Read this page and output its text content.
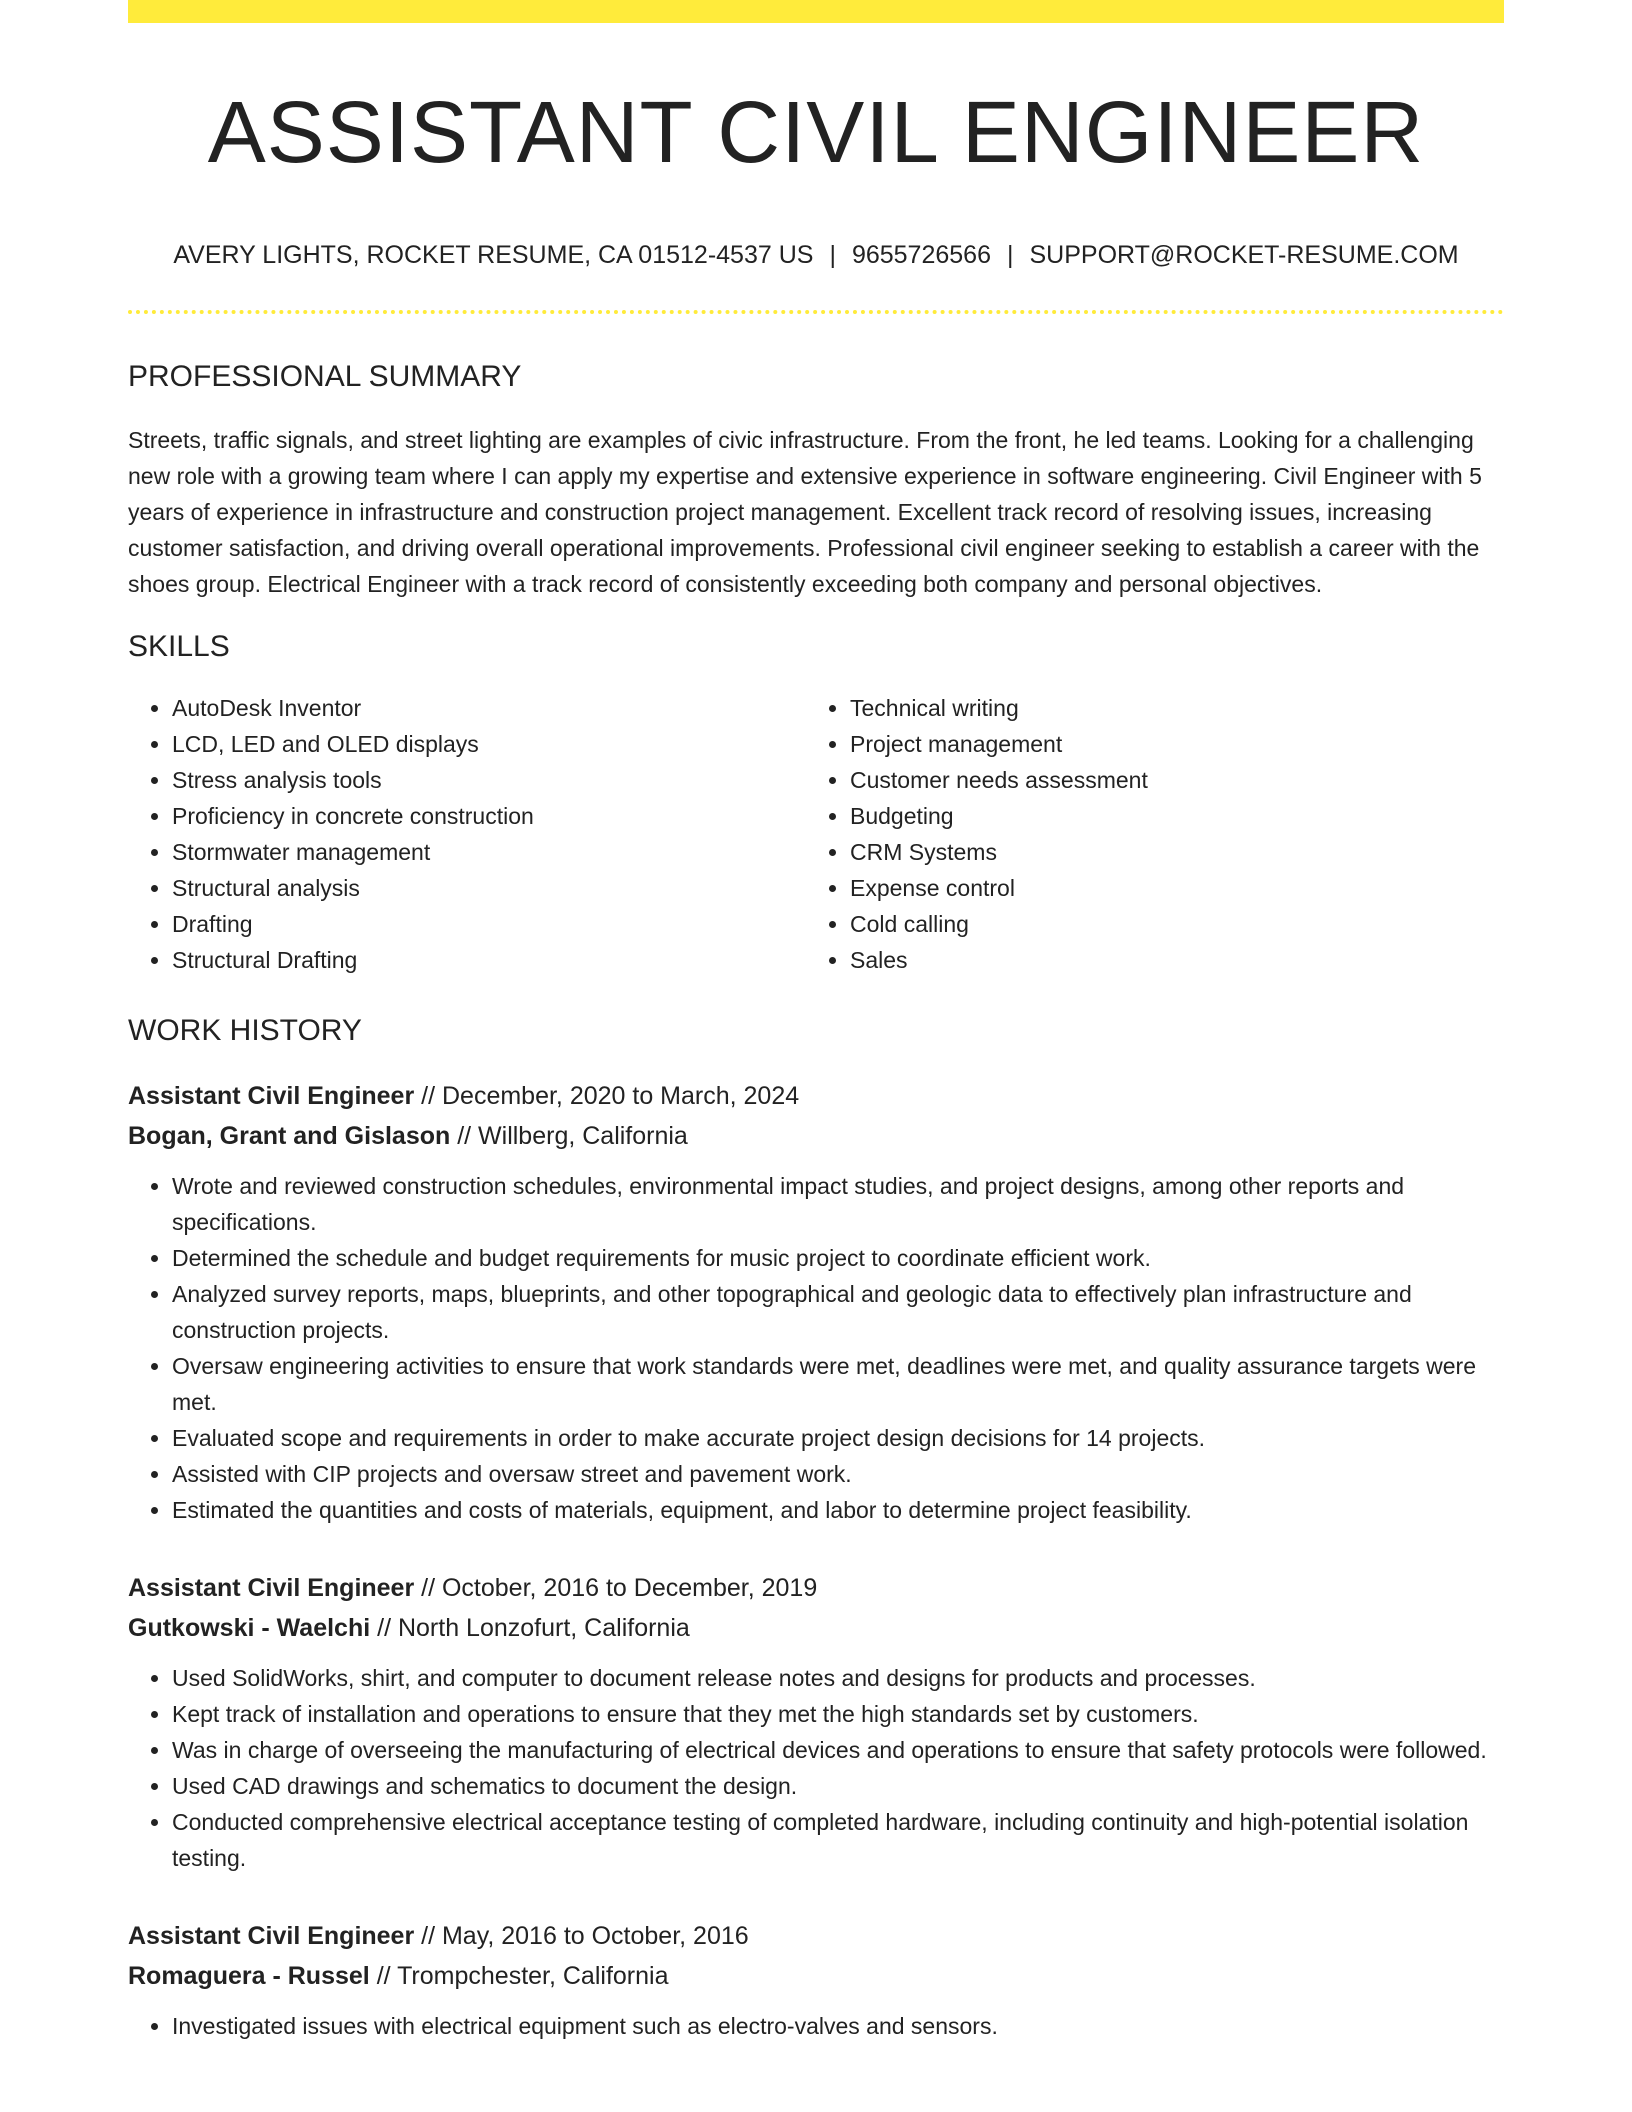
ASSISTANT CIVIL ENGINEER
AVERY LIGHTS, ROCKET RESUME, CA 01512-4537 US | 9655726566 | SUPPORT@ROCKET-RESUME.COM
PROFESSIONAL SUMMARY

Streets, traffic signals, and street lighting are examples of civic infrastructure. From the front, he led teams. Looking for a challenging new role with a growing team where I can apply my expertise and extensive experience in software engineering. Civil Engineer with 5 years of experience in infrastructure and construction project management. Excellent track record of resolving issues, increasing customer satisfaction, and driving overall operational improvements. Professional civil engineer seeking to establish a career with the shoes group. Electrical Engineer with a track record of consistently exceeding both company and personal objectives.

SKILLS
• AutoDesk Inventor
• LCD, LED and OLED displays
• Stress analysis tools
• Proficiency in concrete construction
• Stormwater management
• Structural analysis
• Drafting
• Structural Drafting
• Technical writing
• Project management
• Customer needs assessment
• Budgeting
• CRM Systems
• Expense control
• Cold calling
• Sales
WORK HISTORY
Assistant Civil Engineer // December, 2020 to March, 2024
Bogan, Grant and Gislason // Willberg, California
• Wrote and reviewed construction schedules, environmental impact studies, and project designs, among other reports and specifications.
• Determined the schedule and budget requirements for music project to coordinate efficient work.
• Analyzed survey reports, maps, blueprints, and other topographical and geologic data to effectively plan infrastructure and construction projects.
• Oversaw engineering activities to ensure that work standards were met, deadlines were met, and quality assurance targets were met.
• Evaluated scope and requirements in order to make accurate project design decisions for 14 projects.
• Assisted with CIP projects and oversaw street and pavement work.
• Estimated the quantities and costs of materials, equipment, and labor to determine project feasibility.
Assistant Civil Engineer // October, 2016 to December, 2019
Gutkowski - Waelchi // North Lonzofurt, California
• Used SolidWorks, shirt, and computer to document release notes and designs for products and processes.
• Kept track of installation and operations to ensure that they met the high standards set by customers.
• Was in charge of overseeing the manufacturing of electrical devices and operations to ensure that safety protocols were followed.
• Used CAD drawings and schematics to document the design.
• Conducted comprehensive electrical acceptance testing of completed hardware, including continuity and high-potential isolation testing.
Assistant Civil Engineer // May, 2016 to October, 2016
Romaguera - Russel // Trompchester, California
• Investigated issues with electrical equipment such as electro-valves and sensors.
